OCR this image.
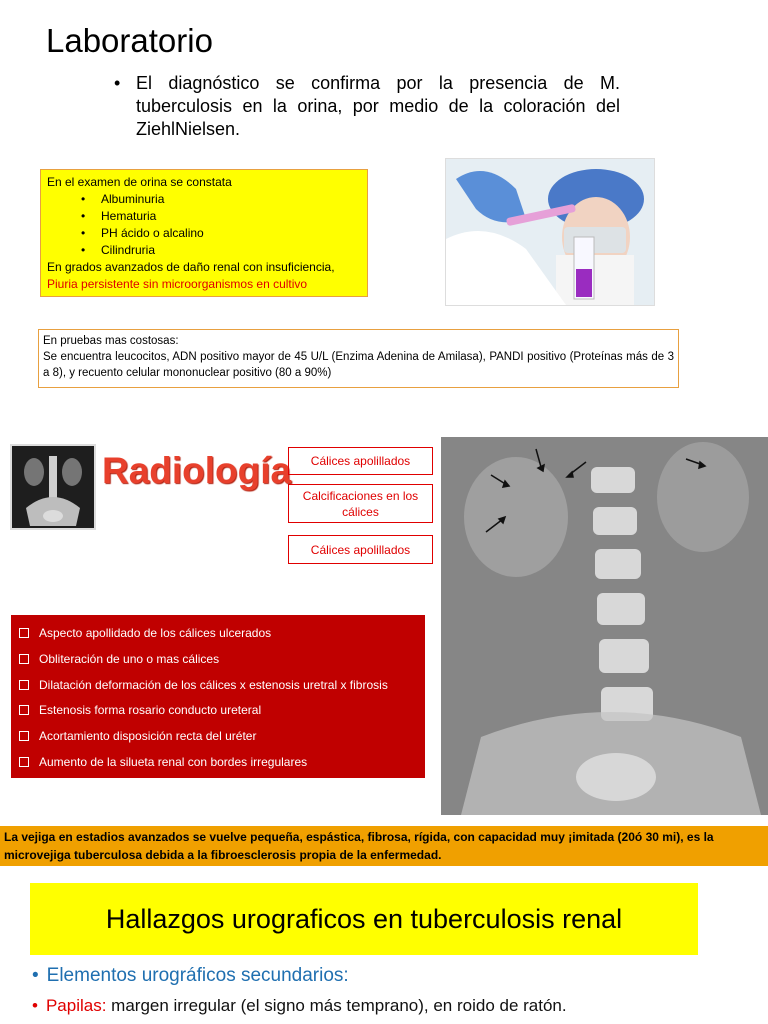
Laboratorio
• El diagnóstico se confirma por la presencia de M. tuberculosis en la orina, por medio de la coloración del ZiehlNielsen.
En el examen de orina se constata
• Albuminuria
• Hematuria
• PH ácido o alcalino
• Cilindruria
En grados avanzados de daño renal con insuficiencia,
Piuria persistente sin microorganismos en cultivo
En pruebas mas costosas:
Se encuentra leucocitos, ADN positivo mayor de 45 U/L (Enzima Adenina de Amilasa), PANDI positivo (Proteínas más de 3 a 8), y recuento celular mononuclear positivo (80 a 90%)
Radiología	Cálices apolillados
Calcificaciones en los cálices
Cálices apolillados
Aspecto apollidado de los cálices ulcerados
Obliteración de uno o mas cálices
Dilatación deformación de los cálices x estenosis uretral x fibrosis
Estenosis forma rosario conducto ureteral
Acortamiento disposición recta del uréter
Aumento de la silueta renal con bordes irregulares
La vejiga en estadios avanzados se vuelve pequeña, espástica, fibrosa, rígida, con capacidad muy ¡imitada (20ó 30 mi), es la microvejiga tuberculosa debida a la fibroesclerosis propia de la enfermedad.
Hallazgos urograficos en tuberculosis renal
• Elementos urográficos secundarios:
• Papilas: margen irregular (el signo más temprano), en roido de ratón.
